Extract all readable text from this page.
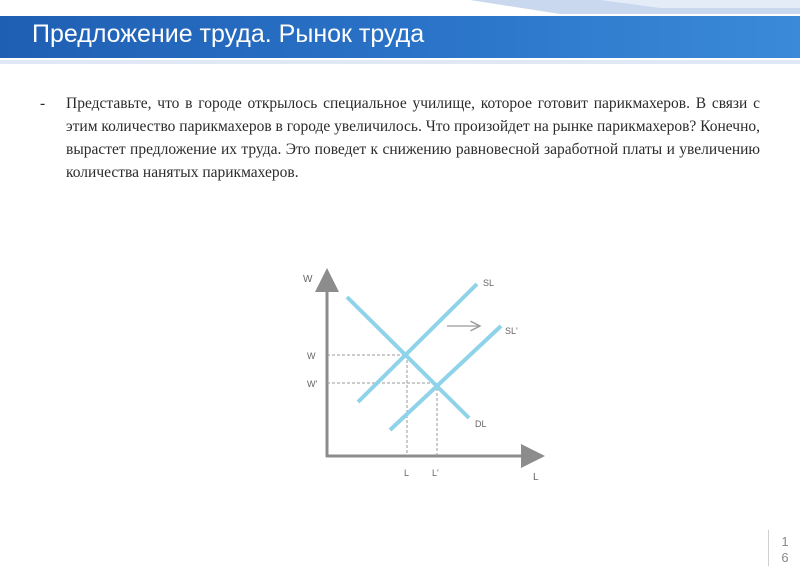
Предложение труда. Рынок труда
- Представьте, что в городе открылось специальное училище, которое готовит парикмахеров. В связи с этим количество парикмахеров в городе увеличилось. Что произойдет на рынке парикмахеров? Конечно, вырастет предложение их труда. Это поведет к снижению равновесной заработной платы и увеличению количества нанятых парикмахеров.
W
L
W
W'
L	L'
SL
SL'
DL
1
6
